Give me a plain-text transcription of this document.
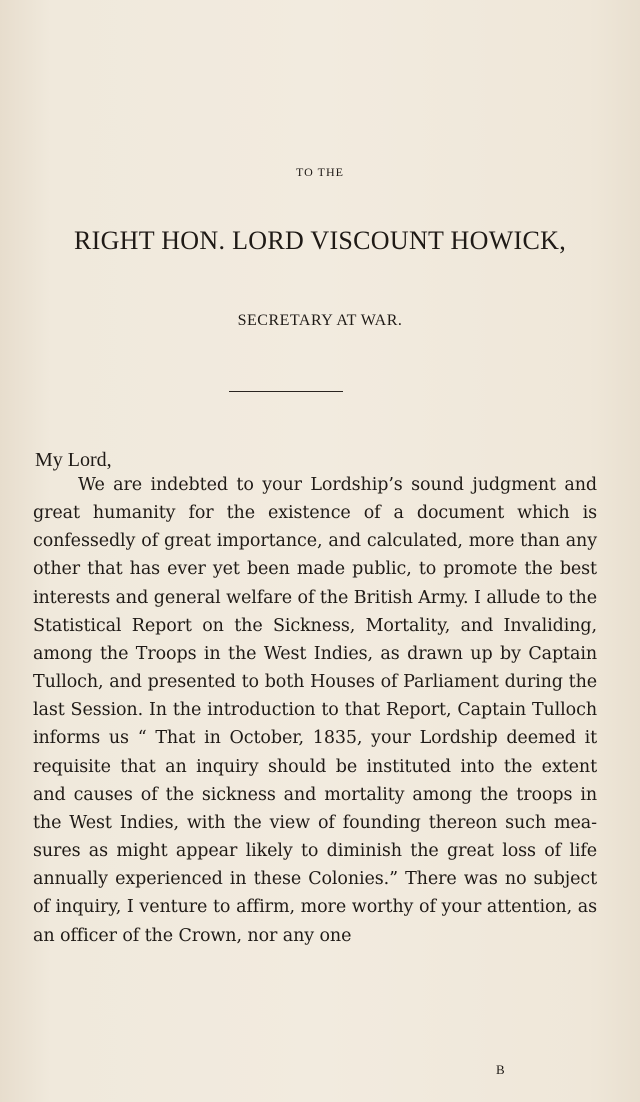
TO THE
RIGHT HON. LORD VISCOUNT HOWICK,
SECRETARY AT WAR.
My Lord,
We are indebted to your Lordship’s sound judgment and great humanity for the existence of a document which is confessedly of great importance, and calculated, more than any other that has ever yet been made public, to promote the best interests and general welfare of the British Army. I allude to the Statistical Report on the Sickness, Mortality, and Invaliding, among the Troops in the West Indies, as drawn up by Captain Tulloch, and presented to both Houses of Parliament during the last Session. In the introduction to that Report, Captain Tulloch informs us “ That in October, 1835, your Lordship deemed it requisite that an inquiry should be instituted into the extent and causes of the sickness and mortality among the troops in the West Indies, with the view of founding thereon such measures as might appear likely to diminish the great loss of life annually experienced in these Colonies.” There was no subject of inquiry, I venture to affirm, more worthy of your attention, as an officer of the Crown, nor any one
B
